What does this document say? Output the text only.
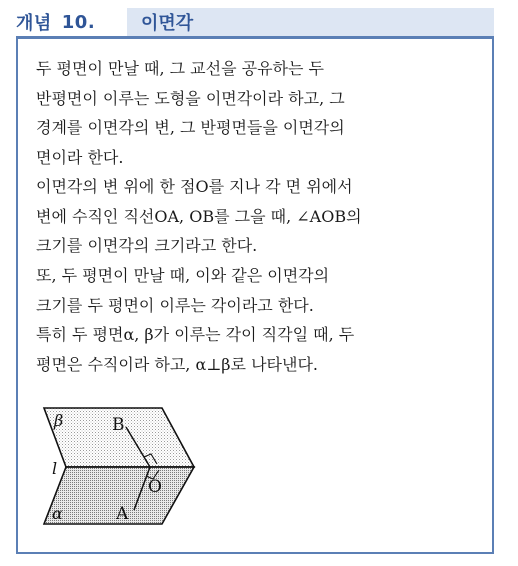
개념 10.	이면각
두 평면이 만날 때, 그 교선을 공유하는 두
반평면이 이루는 도형을 이면각이라 하고, 그
경계를 이면각의 변, 그 반평면들을 이면각의
면이라 한다.
이면각의 변 위에 한 점O를 지나 각 면 위에서
변에 수직인 직선OA, OB를 그을 때, ∠AOB의
크기를 이면각의 크기라고 한다.
또, 두 평면이 만날 때, 이와 같은 이면각의
크기를 두 평면이 이루는 각이라고 한다.
특히 두 평면α, β가 이루는 각이 직각일 때, 두
평면은 수직이라 하고, α⊥β로 나타낸다.
β
α
l
B
O
A
